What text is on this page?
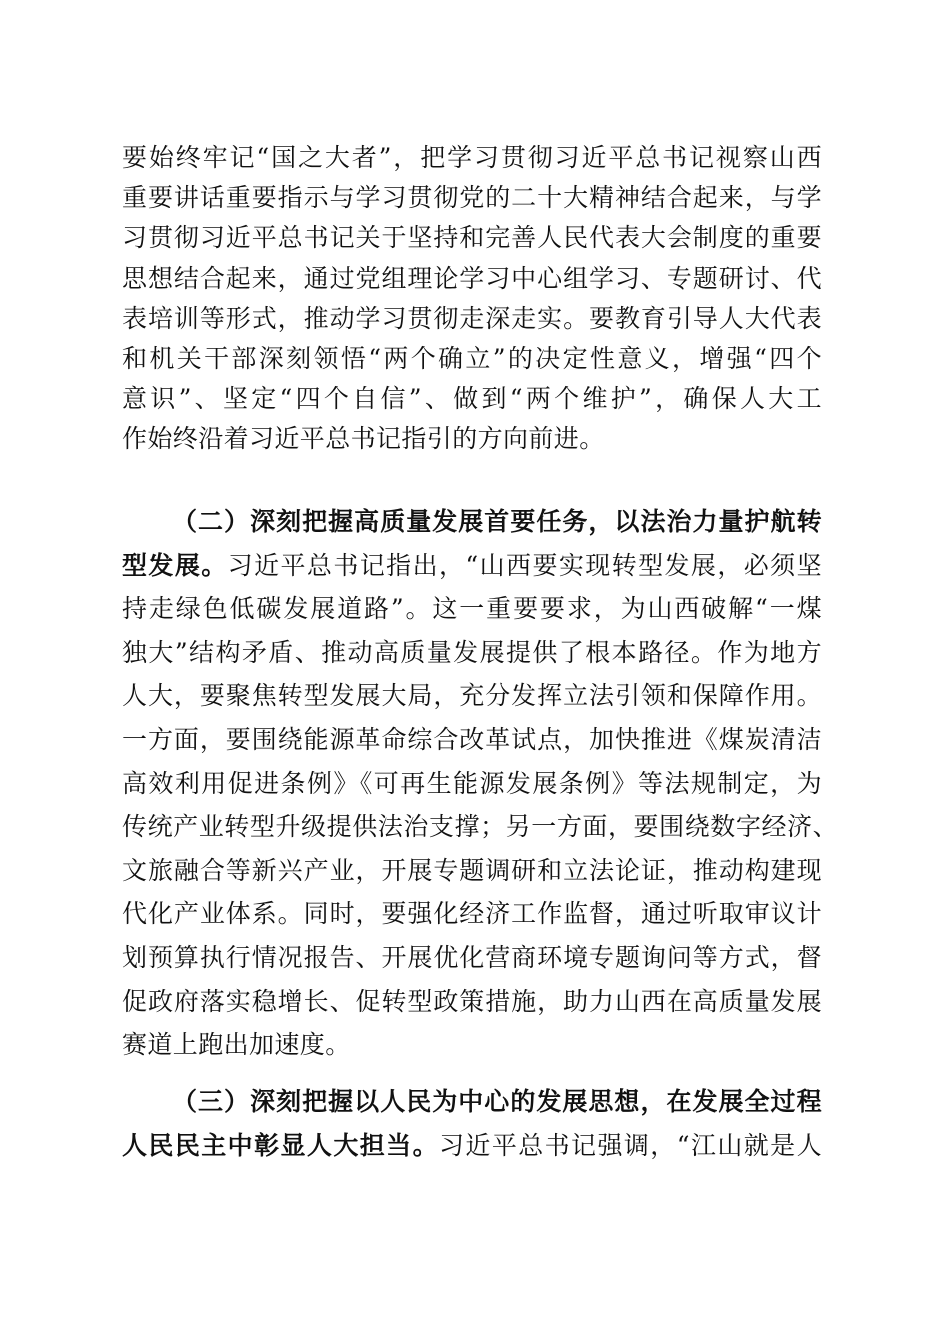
要始终牢记“国之大者”，把学习贯彻习近平总书记视察山西
重要讲话重要指示与学习贯彻党的二十大精神结合起来，与学
习贯彻习近平总书记关于坚持和完善人民代表大会制度的重要
思想结合起来，通过党组理论学习中心组学习、专题研讨、代
表培训等形式，推动学习贯彻走深走实。要教育引导人大代表
和机关干部深刻领悟“两个确立”的决定性意义，增强“四个
意识”、坚定“四个自信”、做到“两个维护”，确保人大工
作始终沿着习近平总书记指引的方向前进。
（二）深刻把握高质量发展首要任务，以法治力量护航转
型发展。习近平总书记指出，“山西要实现转型发展，必须坚
持走绿色低碳发展道路”。这一重要要求，为山西破解“一煤
独大”结构矛盾、推动高质量发展提供了根本路径。作为地方
人大，要聚焦转型发展大局，充分发挥立法引领和保障作用。
一方面，要围绕能源革命综合改革试点，加快推进《煤炭清洁
高效利用促进条例》《可再生能源发展条例》等法规制定，为
传统产业转型升级提供法治支撑；另一方面，要围绕数字经济、
文旅融合等新兴产业，开展专题调研和立法论证，推动构建现
代化产业体系。同时，要强化经济工作监督，通过听取审议计
划预算执行情况报告、开展优化营商环境专题询问等方式，督
促政府落实稳增长、促转型政策措施，助力山西在高质量发展
赛道上跑出加速度。
（三）深刻把握以人民为中心的发展思想，在发展全过程
人民民主中彰显人大担当。习近平总书记强调，“江山就是人
